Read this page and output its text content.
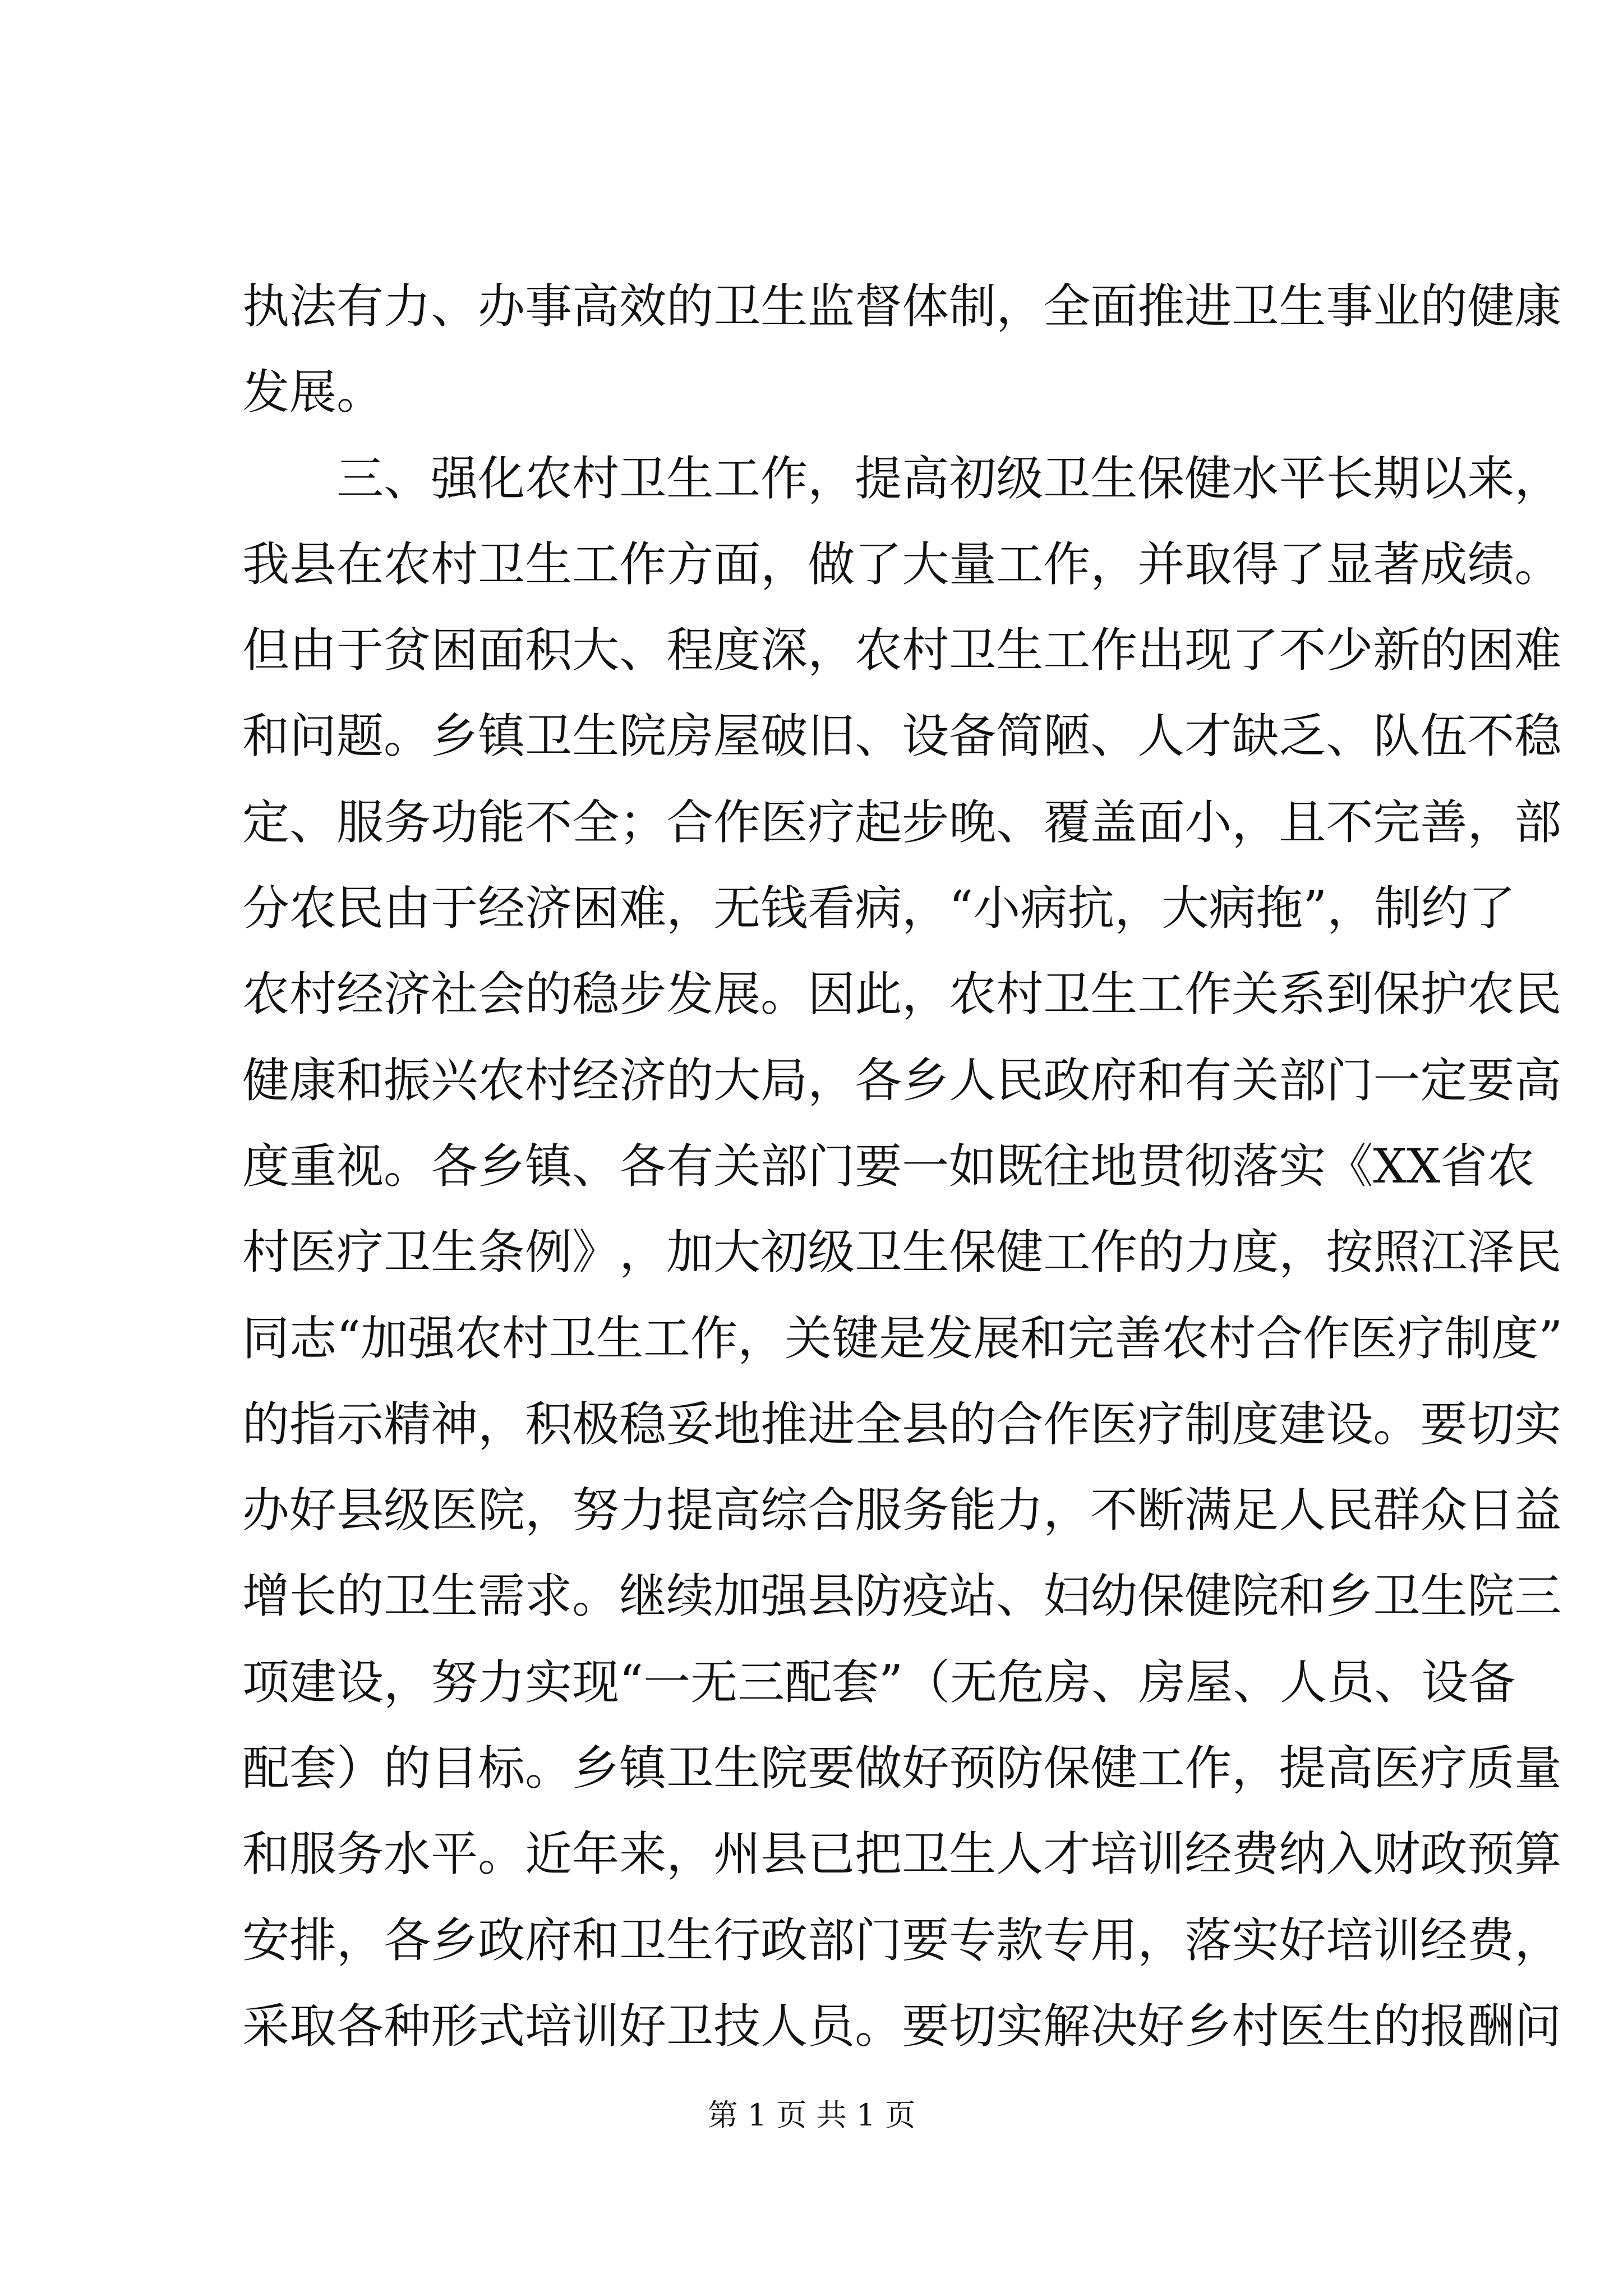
执 法 有 力 、 办 事 高 效 的 卫 生 监 督 体 制 ， 全 面 推 进 卫 生 事 业 的 健 康
发 展 。
三 、 强 化 农 村 卫 生 工 作 ， 提 高 初 级 卫 生 保 健 水 平 长 期 以 来 ，
我 县 在 农 村 卫 生 工 作 方 面 ， 做 了 大 量 工 作 ， 并 取 得 了 显 著 成 绩 。
但 由 于 贫 困 面 积 大 、 程 度 深 ， 农 村 卫 生 工 作 出 现 了 不 少 新 的 困 难
和 问 题 。 乡 镇 卫 生 院 房 屋 破 旧 、 设 备 简 陋 、 人 才 缺 乏 、 队 伍 不 稳
定 、 服 务 功 能 不 全 ； 合 作 医 疗 起 步 晚 、 覆 盖 面 小 ， 且 不 完 善 ， 部
分 农 民 由 于 经 济 困 难 ， 无 钱 看 病 ， “ 小 病 抗 ， 大 病 拖 ” ， 制 约 了
农 村 经 济 社 会 的 稳 步 发 展 。 因 此 ， 农 村 卫 生 工 作 关 系 到 保 护 农 民
健 康 和 振 兴 农 村 经 济 的 大 局 ， 各 乡 人 民 政 府 和 有 关 部 门 一 定 要 高
度 重 视 。 各 乡 镇 、 各 有 关 部 门 要 一 如 既 往 地 贯 彻 落 实 《 X X 省 农
村 医 疗 卫 生 条 例 》 ， 加 大 初 级 卫 生 保 健 工 作 的 力 度 ， 按 照 江 泽 民
同 志 “ 加 强 农 村 卫 生 工 作 ， 关 键 是 发 展 和 完 善 农 村 合 作 医 疗 制 度 ”
的 指 示 精 神 ， 积 极 稳 妥 地 推 进 全 县 的 合 作 医 疗 制 度 建 设 。 要 切 实
办 好 县 级 医 院 ， 努 力 提 高 综 合 服 务 能 力 ， 不 断 满 足 人 民 群 众 日 益
增 长 的 卫 生 需 求 。 继 续 加 强 县 防 疫 站 、 妇 幼 保 健 院 和 乡 卫 生 院 三
项 建 设 ， 努 力 实 现 “ 一 无 三 配 套 ” （ 无 危 房 、 房 屋 、 人 员 、 设 备
配 套 ） 的 目 标 。 乡 镇 卫 生 院 要 做 好 预 防 保 健 工 作 ， 提 高 医 疗 质 量
和 服 务 水 平 。 近 年 来 ， 州 县 已 把 卫 生 人 才 培 训 经 费 纳 入 财 政 预 算
安 排 ， 各 乡 政 府 和 卫 生 行 政 部 门 要 专 款 专 用 ， 落 实 好 培 训 经 费 ，
采 取 各 种 形 式 培 训 好 卫 技 人 员 。 要 切 实 解 决 好 乡 村 医 生 的 报 酬 问
第 1 页 共 1 页
